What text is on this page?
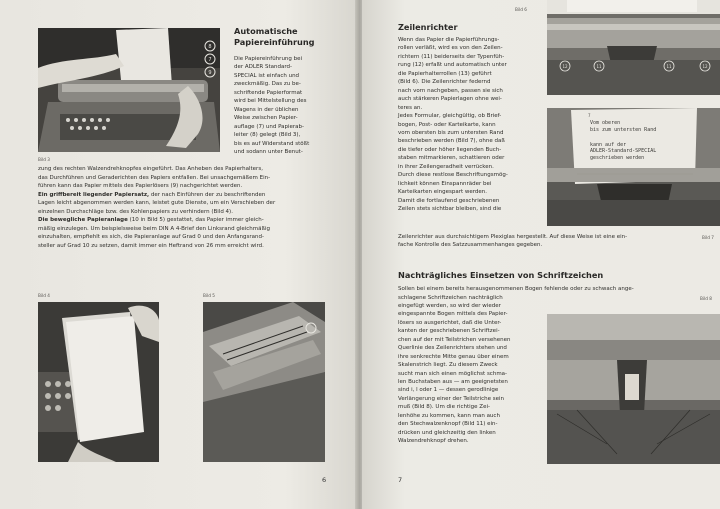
8
7
9
Bild 3
Automatische
Papiereinführung

Die Papiereinführung bei

der ADLER Standard-

SPECIAL ist einfach und

zweckmäßig. Das zu be-

schriftende Papierformat

wird bei Mittelstellung des

Wagens in der üblichen

Weise zwischen Papier-

auflage (7) und Papierab-

leiter (8) gelegt (Bild 3),

bis es auf Widerstand stößt

und sodann unter Benut-

zung des rechten Walzendrehknopfes eingeführt. Das Anheben des Papierhalters,

das Durchführen und Geraderichten des Papiers entfallen. Bei unsachgemäßem Ein-

führen kann das Papier mittels des Papierlösers (9) nachgerichtet werden.

Ein griffbereit liegender Papiersatz, der nach Einführen der zu beschriftenden

Lagen leicht abgenommen werden kann, leistet gute Dienste, um ein Verschieben der

einzelnen Durchschläge bzw. des Kohlenpapiers zu verhindern (Bild 4).

Die bewegliche Papieranlage (10 in Bild 5) gestattet, das Papier immer gleich-

mäßig einzulegen. Um beispielsweise beim DIN A 4-Brief den Linksrand gleichmäßig

einzuhalten, empfiehlt es sich, die Papieranlage auf Grad 0 und den Anfangsrand-

steller auf Grad 10 zu setzen, damit immer ein Heftrand von 26 mm erreicht wird.

Bild 4	Bild 5
6
Bild 6
12	11	11	12
Zeilenrichter

Wenn das Papier die Papierführungs-

rollen verläßt, wird es von den Zeilen-

richtern (11) beiderseits der Typenfüh-

rung (12) erfaßt und automatisch unter

die Papierhalterrollen (13) geführt

(Bild 6). Die Zeilenrichter federnd

nach vorn nachgeben, passen sie sich

auch stärkeren Papierlagen ohne wei-

teres an.

Jedes Formular, gleichgültig, ob Brief-

bogen, Post- oder Karteikarte, kann

vom obersten bis zum untersten Rand

beschrieben werden (Bild 7), ohne daß

die tiefer oder höher liegenden Buch-

staben mitmarkieren, schattieren oder

in ihrer Zeilengeradheit verrücken.

Durch diese restlose Beschriftungsmög-

lichkeit können Einspannräder bei

Karteikarten eingespart werden.

Damit die fortlaufend geschriebenen

Zeilen stets sichtbar bleiben, sind die

Zeilenrichter aus durchsichtigem Plexiglas hergestellt. Auf diese Weise ist eine ein-

fache Kontrolle des Satzzusammenhanges gegeben.

7
Vom oberen
bis zum untersten Rand
kann auf der
ADLER-Standard-SPECIAL
geschrieben werden
Bild 7
Nachträgliches Einsetzen von Schriftzeichen

Sollen bei einem bereits herausgenommenen Bogen fehlende oder zu schwach ange-

schlagene Schriftzeichen nachträglich

eingefügt werden, so wird der wieder

eingespannte Bogen mittels des Papier-

lösers so ausgerichtet, daß die Unter-

kanten der geschriebenen Schriftzei-

chen auf der mit Teilstrichen versehenen

Querlinie des Zeilenrichters stehen und

ihre senkrechte Mitte genau über einem

Skalenstrich liegt. Zu diesem Zweck

sucht man sich einen möglichst schma-

len Buchstaben aus — am geeignetsten

sind i, l oder 1 — dessen gerodlinige

Verlängerung einer der Teilstriche sein

muß (Bild 8). Um die richtige Zei-

lenhöhe zu kommen, kann man auch

den Stechwalzenknopf (Bild 11) ein-

drücken und gleichzeitig den linken

Walzendrehknopf drehen.

Bild 8
7
